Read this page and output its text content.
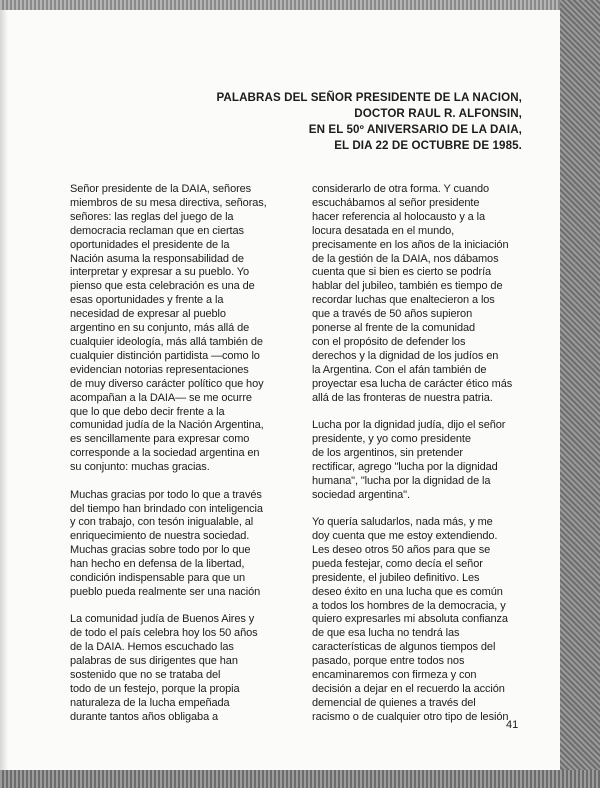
PALABRAS DEL SEÑOR PRESIDENTE DE LA NACION,
DOCTOR RAUL R. ALFONSIN,
EN EL 50º ANIVERSARIO DE LA DAIA,
EL DIA 22 DE OCTUBRE DE 1985.
Señor presidente de la DAIA, señores
miembros de su mesa directiva, señoras,
señores: las reglas del juego de la
democracia reclaman que en ciertas
oportunidades el presidente de la
Nación asuma la responsabilidad de
interpretar y expresar a su pueblo. Yo
pienso que esta celebración es una de
esas oportunidades y frente a la
necesidad de expresar al pueblo
argentino en su conjunto, más allá de
cualquier ideología, más allá también de
cualquier distinción partidista —como lo
evidencian notorias representaciones
de muy diverso carácter político que hoy
acompañan a la DAIA— se me ocurre
que lo que debo decir frente a la
comunidad judía de la Nación Argentina,
es sencillamente para expresar como
corresponde a la sociedad argentina en
su conjunto: muchas gracias.
Muchas gracias por todo lo que a través
del tiempo han brindado con inteligencia
y con trabajo, con tesón inigualable, al
enriquecimiento de nuestra sociedad.
Muchas gracias sobre todo por lo que
han hecho en defensa de la libertad,
condición indispensable para que un
pueblo pueda realmente ser una nación
La comunidad judía de Buenos Aires y
de todo el país celebra hoy los 50 años
de la DAIA. Hemos escuchado las
palabras de sus dirigentes que han
sostenido que no se trataba del
todo de un festejo, porque la propia
naturaleza de la lucha empeñada
durante tantos años obligaba a
considerarlo de otra forma. Y cuando
escuchábamos al señor presidente
hacer referencia al holocausto y a la
locura desatada en el mundo,
precisamente en los años de la iniciación
de la gestión de la DAIA, nos dábamos
cuenta que si bien es cierto se podría
hablar del jubileo, también es tiempo de
recordar luchas que enaltecieron a los
que a través de 50 años supieron
ponerse al frente de la comunidad
con el propósito de defender los
derechos y la dignidad de los judíos en
la Argentina. Con el afán también de
proyectar esa lucha de carácter ético más
allá de las fronteras de nuestra patria.
Lucha por la dignidad judía, dijo el señor
presidente, y yo como presidente
de los argentinos, sin pretender
rectificar, agrego "lucha por la dignidad
humana", "lucha por la dignidad de la
sociedad argentina".
Yo quería saludarlos, nada más, y me
doy cuenta que me estoy extendiendo.
Les deseo otros 50 años para que se
pueda festejar, como decía el señor
presidente, el jubileo definitivo. Les
deseo éxito en una lucha que es común
a todos los hombres de la democracia, y
quiero expresarles mi absoluta confianza
de que esa lucha no tendrá las
características de algunos tiempos del
pasado, porque entre todos nos
encaminaremos con firmeza y con
decisión a dejar en el recuerdo la acción
demencial de quienes a través del
racismo o de cualquier otro tipo de lesión
41
